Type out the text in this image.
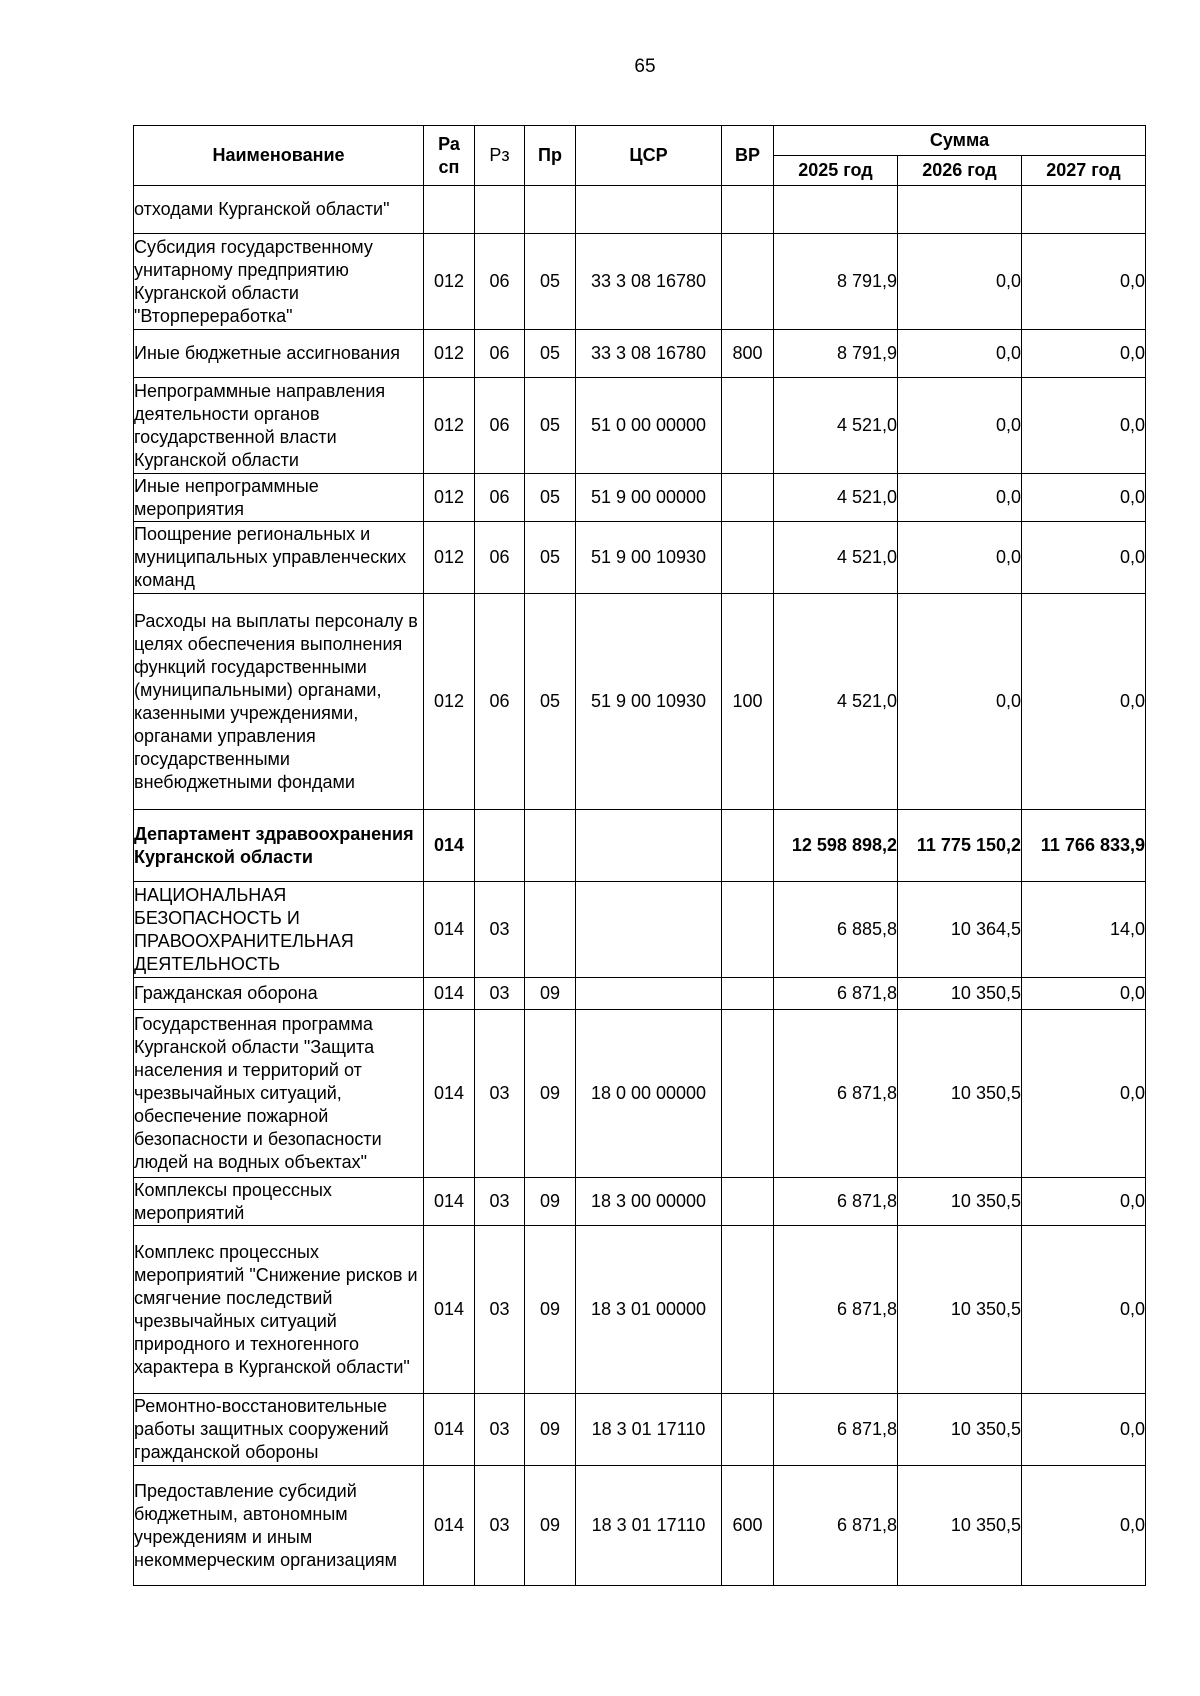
65
Наименование	Ра сп	Рз	Пр	ЦСР	ВР	Сумма		
						2025 год	2026 год	2027 год
отходами Курганской области"								
Субсидия государственному унитарному предприятию Курганской области "Вторпереработка"	012	06	05	33 3 08 16780		8 791,9	0,0	0,0
Иные бюджетные ассигнования	012	06	05	33 3 08 16780	800	8 791,9	0,0	0,0
Непрограммные направления деятельности органов государственной власти Курганской области	012	06	05	51 0 00 00000		4 521,0	0,0	0,0
Иные непрограммные мероприятия	012	06	05	51 9 00 00000		4 521,0	0,0	0,0
Поощрение региональных и муниципальных управленческих команд	012	06	05	51 9 00 10930		4 521,0	0,0	0,0
Расходы на выплаты персоналу в целях обеспечения выполнения функций государственными (муниципальными) органами, казенными учреждениями, органами управления государственными внебюджетными фондами	012	06	05	51 9 00 10930	100	4 521,0	0,0	0,0
Департамент здравоохранения Курганской области	014					12 598 898,2	11 775 150,2	11 766 833,9
НАЦИОНАЛЬНАЯ БЕЗОПАСНОСТЬ И ПРАВООХРАНИТЕЛЬНАЯ ДЕЯТЕЛЬНОСТЬ	014	03				6 885,8	10 364,5	14,0
Гражданская оборона	014	03	09			6 871,8	10 350,5	0,0
Государственная программа Курганской области "Защита населения и территорий от чрезвычайных ситуаций, обеспечение пожарной безопасности и безопасности людей на водных объектах"	014	03	09	18 0 00 00000		6 871,8	10 350,5	0,0
Комплексы процессных мероприятий	014	03	09	18 3 00 00000		6 871,8	10 350,5	0,0
Комплекс процессных мероприятий "Снижение рисков и смягчение последствий чрезвычайных ситуаций природного и техногенного характера в Курганской области"	014	03	09	18 3 01 00000		6 871,8	10 350,5	0,0
Ремонтно-восстановительные работы защитных сооружений гражданской обороны	014	03	09	18 3 01 17110		6 871,8	10 350,5	0,0
Предоставление субсидий бюджетным, автономным учреждениям и иным некоммерческим организациям	014	03	09	18 3 01 17110	600	6 871,8	10 350,5	0,0
